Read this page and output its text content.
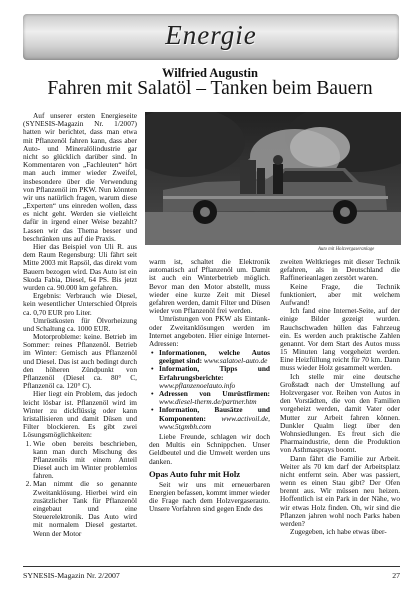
Energie
Wilfried Augustin
Fahren mit Salatöl – Tanken beim Bauern

Auf unserer ersten Energieseite (SYNESIS-Magazin Nr. 1/2007) hatten wir berichtet, dass man etwa mit Pflanzenöl fahren kann, dass aber Auto- und Mineralölindustrie gar nicht so glücklich darüber sind. In Kommentaren von „Fachleuten“ hört man auch immer wieder Zweifel, insbesondere über die Verwendung von Pflanzenöl im PKW. Nun könnten wir uns natürlich fragen, warum diese „Experten“ uns einreden wollen, dass es nicht geht. Werden sie vielleicht dafür in irgend einer Weise bezahlt? Lassen wir das Thema besser und beschränken uns auf die Praxis.

Hier das Beispiel von Uli R. aus dem Raum Regensburg: Uli fährt seit Mitte 2003 mit Rapsöl, das direkt vom Bauern bezogen wird. Das Auto ist ein Skoda Fabia, Diesel, 64 PS. Bis jetzt wurden ca. 90.000 km gefahren.

Ergebnis: Verbrauch wie Diesel, kein wesentlicher Unterschied Ölpreis ca. 0,70 EUR pro Liter.

Umrüstkosten für Ölvorheizung und Schaltung ca. 1000 EUR.

Motorprobleme: keine. Betrieb im Sommer: reines Pflanzenöl. Betrieb im Winter: Gemisch aus Pflanzenöl und Diesel. Das ist auch bedingt durch den höheren Zündpunkt von Pflanzenöl (Diesel ca. 80° C, Pflanzenöl ca. 120° C).

Hier liegt ein Problem, das jedoch leicht lösbar ist. Pflanzenöl wird im Winter zu dickflüssig oder kann kristallisieren und damit Düsen und Filter blockieren. Es gibt zwei Lösungsmöglichkeiten:

1. Wie oben bereits beschrieben, kann man durch Mischung des Pflanzenöls mit einem Anteil Diesel auch im Winter problemlos fahren.
2. Man nimmt die so genannte Zweitanklösung. Hierbei wird ein zusätzlicher Tank für Pflanzenöl eingebaut und eine Steuerelektronik. Das Auto wird mit normalem Diesel gestartet. Wenn der Motor
Auto mit Holzvergaseranlage

warm ist, schaltet die Elektronik automatisch auf Pflanzenöl um. Damit ist auch ein Winterbetrieb möglich. Bevor man den Motor abstellt, muss wieder eine kurze Zeit mit Diesel gefahren werden, damit Filter und Düsen wieder von Pflanzenöl frei werden.

Umrüstungen von PKW als Eintank- oder Zweitanklösungen werden im Internet angeboten. Hier einige Internet-Adressen:

• Informationen, welche Autos geeignet sind: www.salatoel-auto.de
• Information, Tipps und Erfahrungsberichte: www.pflanzenoelauto.info
• Adressen von Umrüstfirmen: www.diesel-therm.de/partner.htm
• Information, Bausätze und Komponenten: www.activoil.de, www.5tgmbh.com

Liebe Freunde, schlagen wir doch den Multis ein Schnippchen. Unser Geldbeutel und die Umwelt werden uns danken.

Opas Auto fuhr mit Holz

Seit wir uns mit erneuerbaren Energien befassen, kommt immer wieder die Frage nach dem Holzvergaserauto. Unsere Vorfahren sind gegen Ende des

zweiten Weltkrieges mit dieser Technik gefahren, als in Deutschland die Raffinerieanlagen zerstört waren.

Keine Frage, die Technik funktioniert, aber mit welchem Aufwand!

Ich fand eine Internet-Seite, auf der einige Bilder gezeigt wurden. Rauchschwaden hüllen das Fahrzeug ein. Es werden auch praktische Zahlen genannt. Vor dem Start des Autos muss 15 Minuten lang vorgeheizt werden. Eine Heizfüllung reicht für 70 km. Dann muss wieder Holz gesammelt werden.

Ich stelle mir eine deutsche Großstadt nach der Umstellung auf Holzvergaser vor. Reihen von Autos in den Vorstädten, die von den Familien vorgeheizt werden, damit Vater oder Mutter zur Arbeit fahren können. Dunkler Qualm liegt über den Wohnsiedlungen. Es freut sich die Pharmaindustrie, denn die Produktion von Asthmasprays boomt.

Dann fährt die Familie zur Arbeit. Weiter als 70 km darf der Arbeitsplatz nicht entfernt sein. Aber was passiert, wenn es einen Stau gibt? Der Ofen brennt aus. Wir müssen neu heizen. Hoffentlich ist ein Park in der Nähe, wo wir etwas Holz finden. Oh, wir sind die Pflanzen jahren wohl noch Parks haben werden?

Zugegeben, ich habe etwas über-

SYNESIS-Magazin Nr. 2/2007	27
